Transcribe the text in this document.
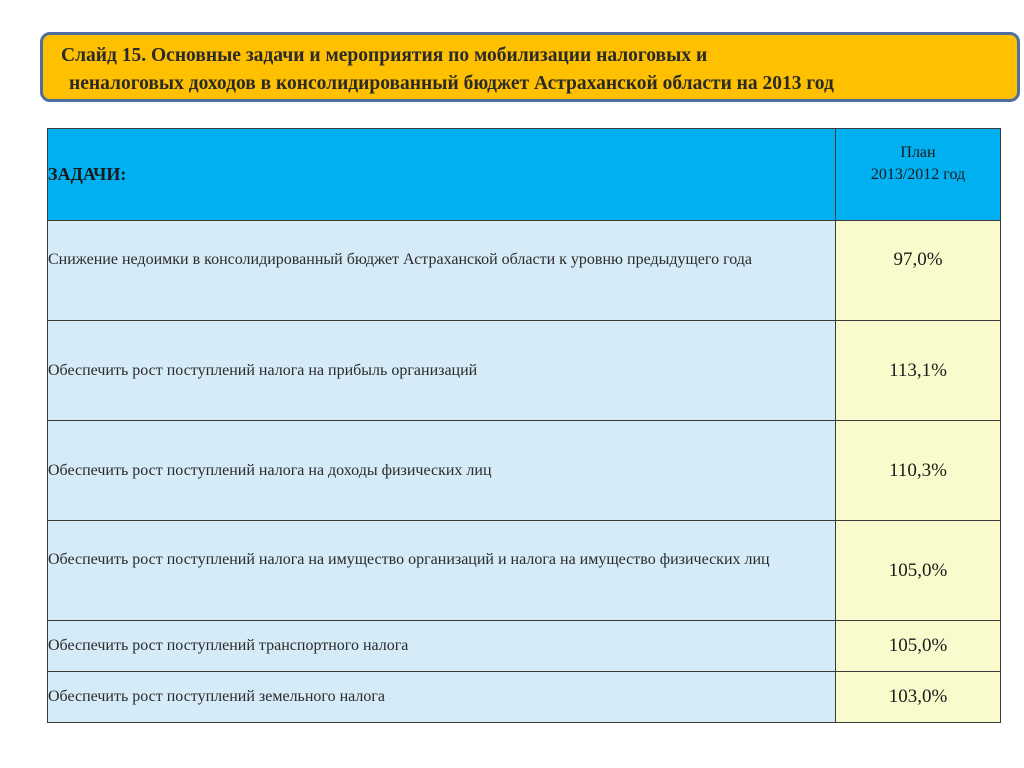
Слайд 15. Основные задачи и мероприятия по мобилизации налоговых и
неналоговых доходов в консолидированный бюджет Астраханской области на 2013 год
ЗАДАЧИ:	План
2013/2012 год

Снижение недоимки в консолидированный бюджет Астраханской области к уровню предыдущего года	97,0%

Обеспечить рост поступлений налога на прибыль организаций	113,1%
Обеспечить рост поступлений налога на доходы физических лиц	110,3%

Обеспечить рост поступлений налога на имущество организаций и налога на имущество физических лиц	105,0%
Обеспечить рост поступлений транспортного налога	105,0%
Обеспечить рост поступлений земельного налога	103,0%
